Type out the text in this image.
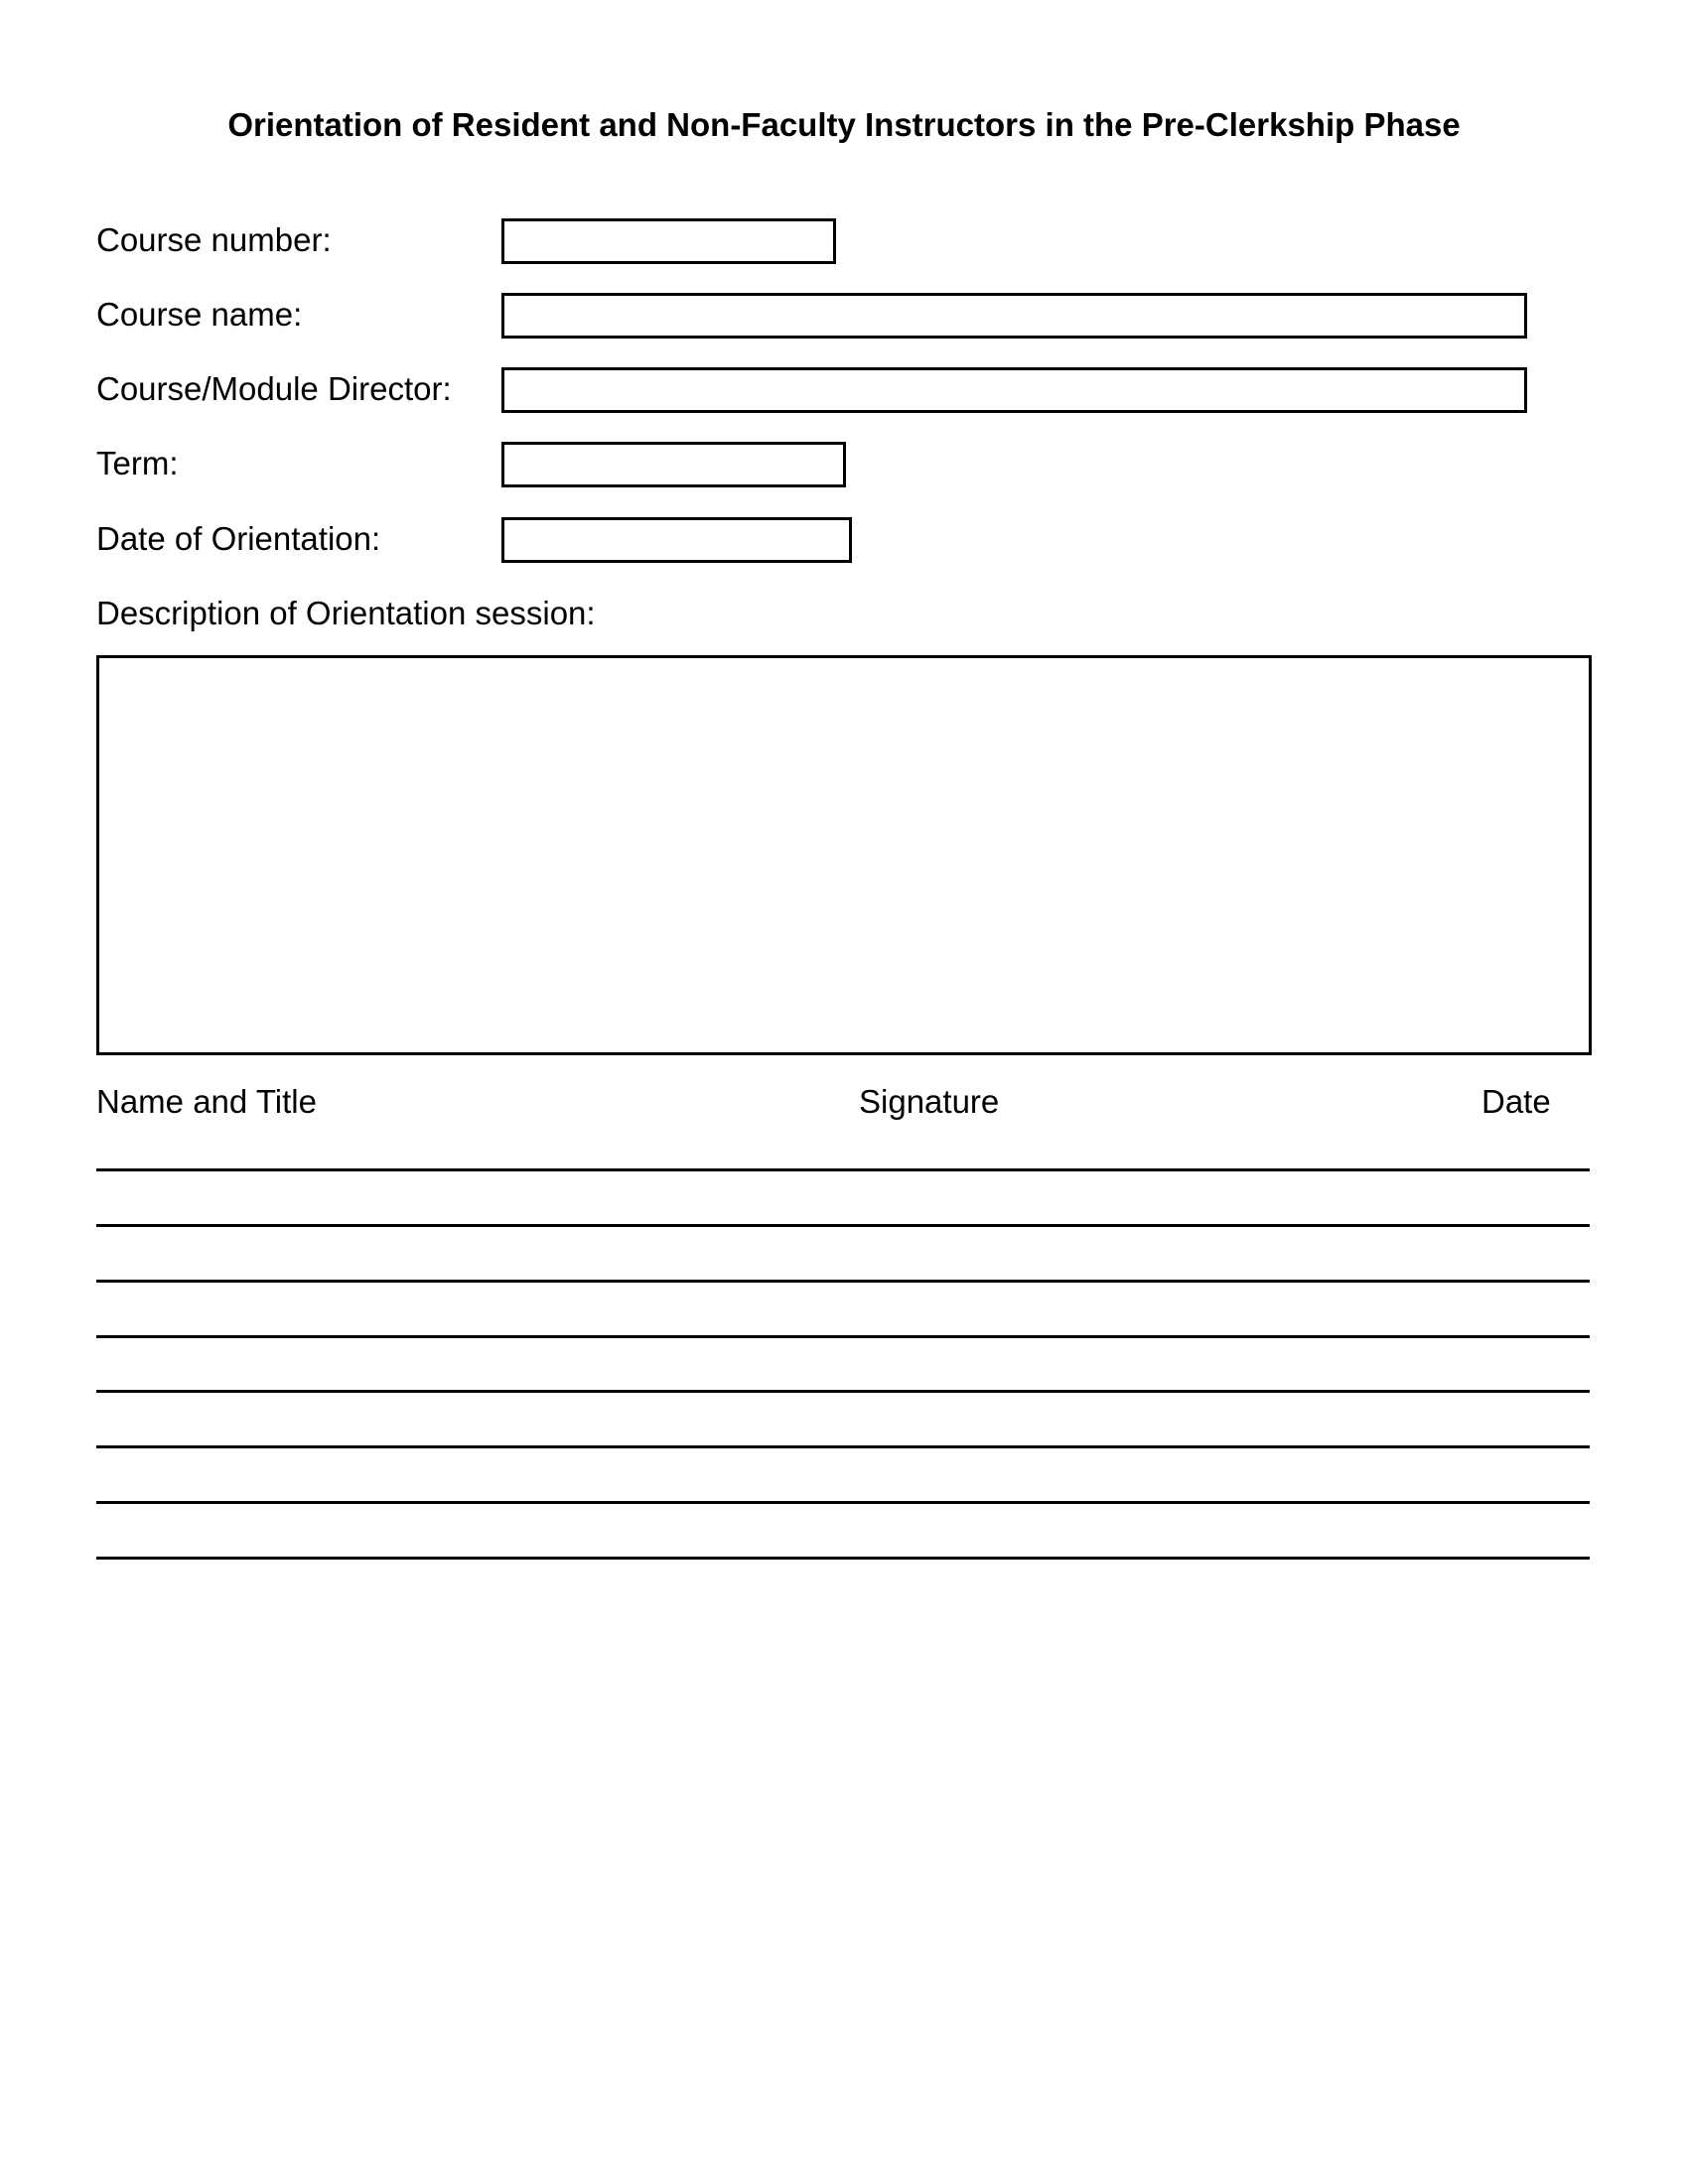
Orientation of Resident and Non-Faculty Instructors in the Pre-Clerkship Phase
Course number:
Course name:
Course/Module Director:
Term:
Date of Orientation:
Description of Orientation session:
Name and Title	Signature	Date
